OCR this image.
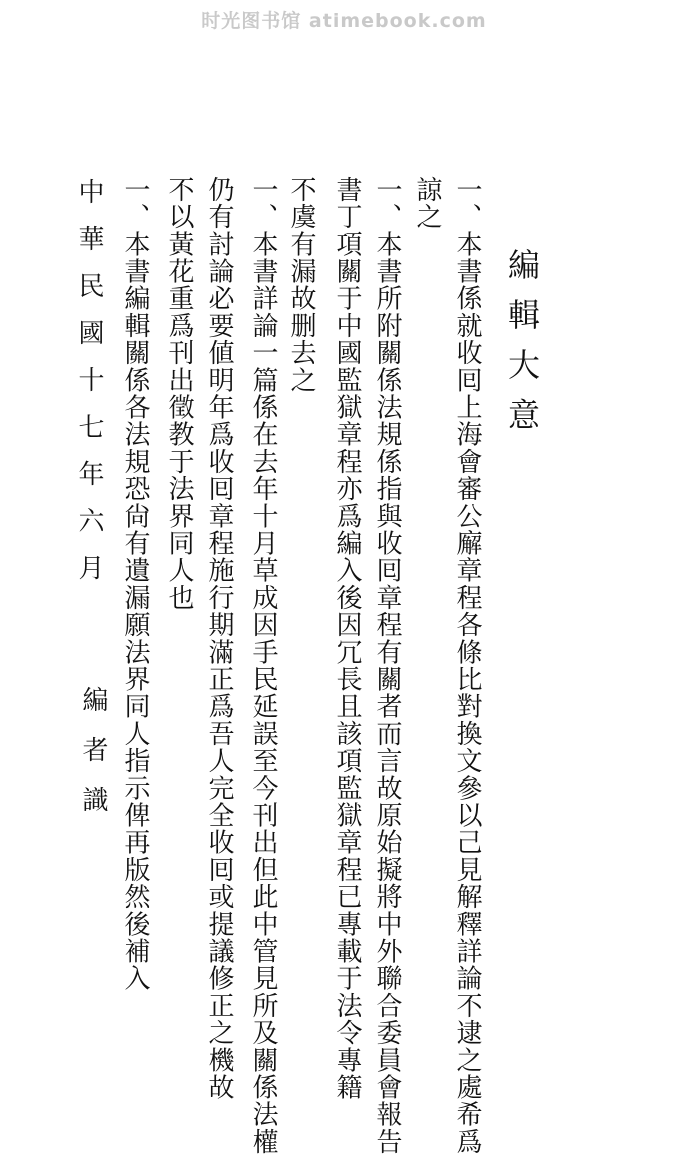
时光图书馆 atimebook.com
編輯大意
一、本書係就收囘上海會審公廨章程各條比對換文參以己見解釋詳論不逮之處希爲
諒之
一、本書所附關係法規係指與收囘章程有關者而言故原始擬將中外聯合委員會報告
書丁項關于中國監獄章程亦爲編入後因冗長且該項監獄章程已專載于法令專籍
不虞有漏故删去之
一、本書詳論一篇係在去年十月草成因手民延誤至今刊出但此中管見所及關係法權
仍有討論必要値明年爲收囘章程施行期滿正爲吾人完全收囘或提議修正之機故
不以黃花重爲刊出徵教于法界同人也
一、本書編輯關係各法規恐尙有遺漏願法界同人指示俾再版然後補入
中華民國十七年六月
編者識
